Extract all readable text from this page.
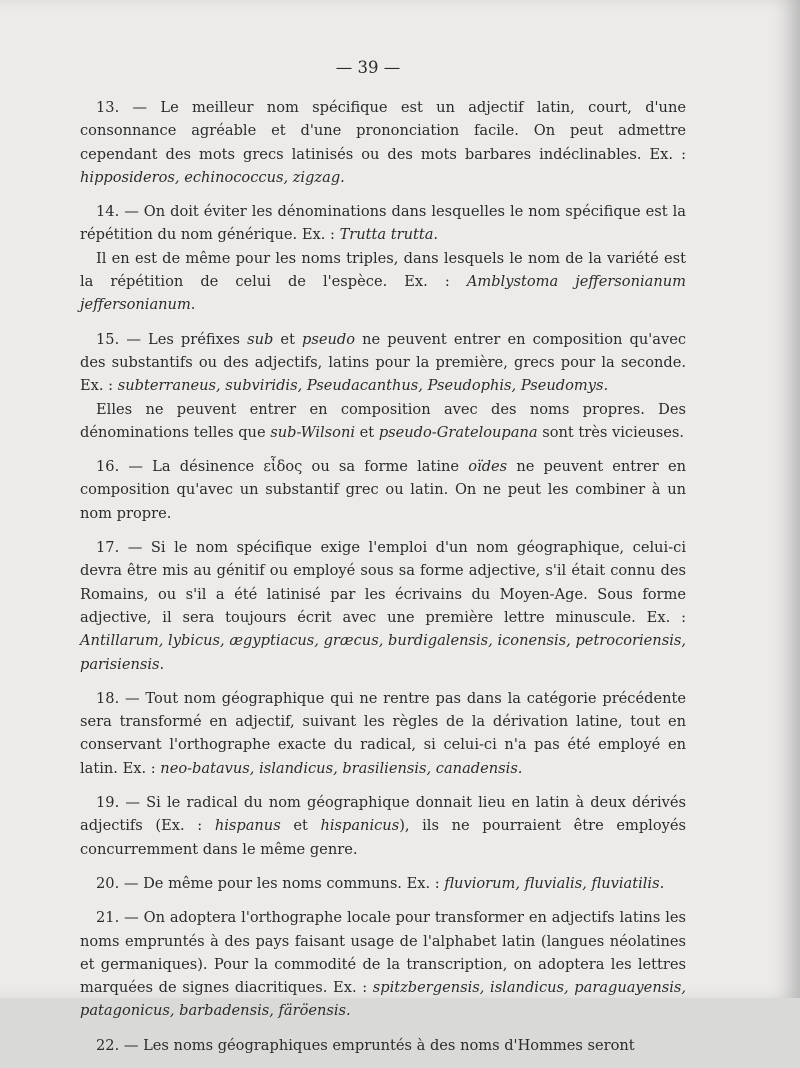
— 39 —

13. — Le meilleur nom spécifique est un adjectif latin, court, d'une consonnance agréable et d'une prononciation facile. On peut admettre cependant des mots grecs latinisés ou des mots barbares indéclinables. Ex. : hipposideros, echinococcus, zigzag.

14. — On doit éviter les dénominations dans lesquelles le nom spécifique est la répétition du nom générique. Ex. : Trutta trutta.

Il en est de même pour les noms triples, dans lesquels le nom de la variété est la répétition de celui de l'espèce. Ex. : Amblystoma jeffersonianum jeffersonianum.

15. — Les préfixes sub et pseudo ne peuvent entrer en composition qu'avec des substantifs ou des adjectifs, latins pour la première, grecs pour la seconde. Ex. : subterraneus, subviridis, Pseudacanthus, Pseudophis, Pseudomys.

Elles ne peuvent entrer en composition avec des noms propres. Des dénominations telles que sub-Wilsoni et pseudo-Grateloupana sont très vicieuses.

16. — La désinence εἶδος ou sa forme latine oïdes ne peuvent entrer en composition qu'avec un substantif grec ou latin. On ne peut les combiner à un nom propre.

17. — Si le nom spécifique exige l'emploi d'un nom géographique, celui-ci devra être mis au génitif ou employé sous sa forme adjective, s'il était connu des Romains, ou s'il a été latinisé par les écrivains du Moyen-Age. Sous forme adjective, il sera toujours écrit avec une première lettre minuscule. Ex. : Antillarum, lybicus, ægyptiacus, græcus, burdigalensis, iconensis, petrocoriensis, parisiensis.

18. — Tout nom géographique qui ne rentre pas dans la catégorie précédente sera transformé en adjectif, suivant les règles de la dérivation latine, tout en conservant l'orthographe exacte du radical, si celui-ci n'a pas été employé en latin. Ex. : neo-batavus, islandicus, brasiliensis, canadensis.

19. — Si le radical du nom géographique donnait lieu en latin à deux dérivés adjectifs (Ex. : hispanus et hispanicus), ils ne pourraient être employés concurremment dans le même genre.

20. — De même pour les noms communs. Ex. : fluviorum, fluvialis, fluviatilis.

21. — On adoptera l'orthographe locale pour transformer en adjectifs latins les noms empruntés à des pays faisant usage de l'alphabet latin (langues néolatines et germaniques). Pour la commodité de la transcription, on adoptera les lettres marquées de signes diacritiques. Ex. : spitzbergensis, islandicus, paraguayensis, patagonicus, barbadensis, färöensis.

22. — Les noms géographiques empruntés à des noms d'Hommes seront
